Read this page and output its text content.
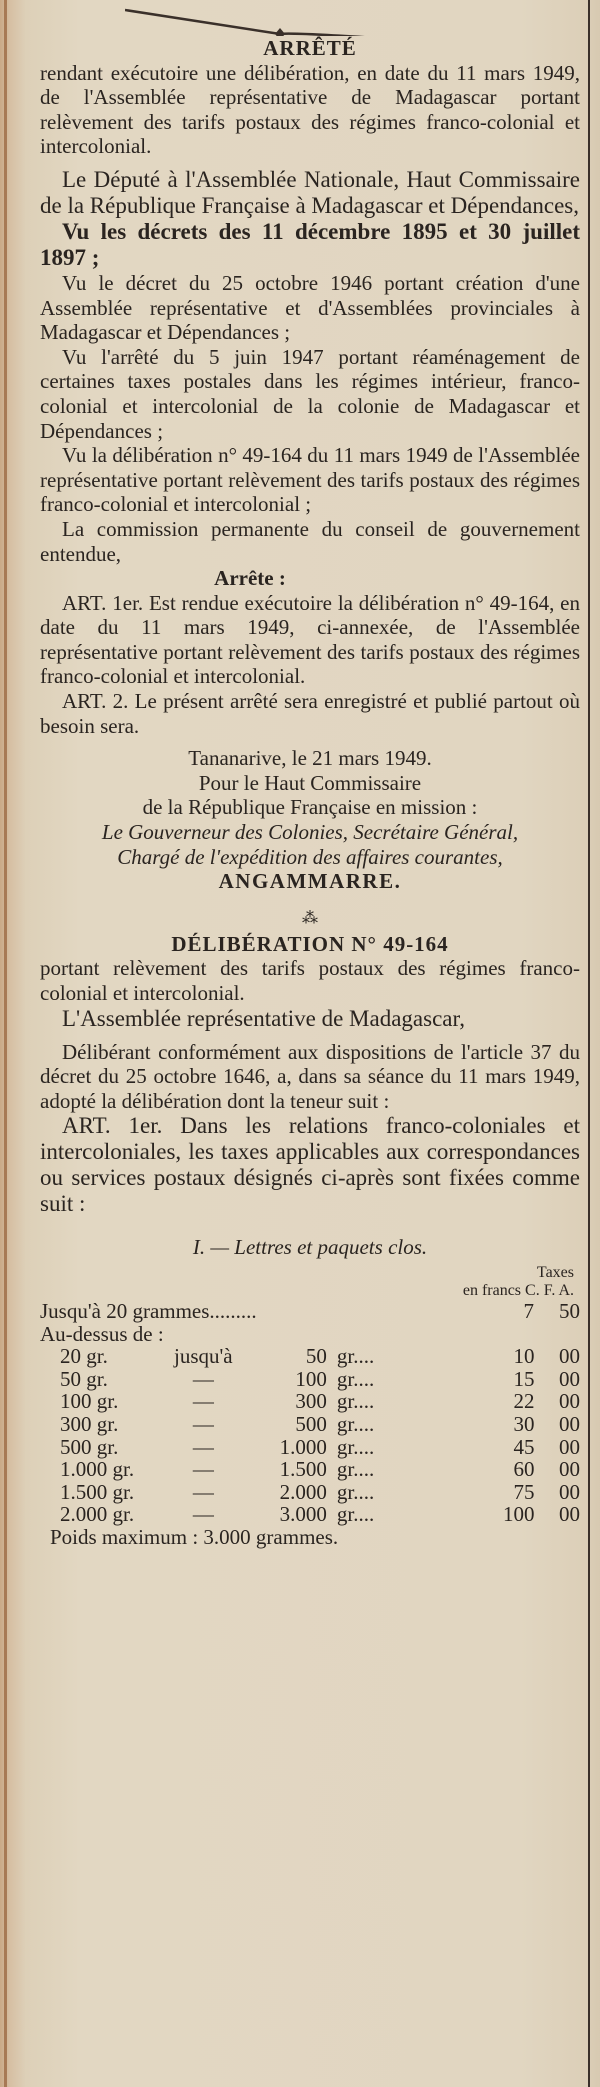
ARRÊTÉ

rendant exécutoire une délibération, en date du 11 mars 1949, de l'Assemblée représentative de Madagascar portant relèvement des tarifs postaux des régimes franco-colonial et intercolonial.

Le Député à l'Assemblée Nationale, Haut Commissaire de la République Française à Madagascar et Dépendances,

Vu les décrets des 11 décembre 1895 et 30 juillet 1897 ;

Vu le décret du 25 octobre 1946 portant création d'une Assemblée représentative et d'Assemblées provinciales à Madagascar et Dépendances ;

Vu l'arrêté du 5 juin 1947 portant réaménagement de certaines taxes postales dans les régimes intérieur, franco-colonial et intercolonial de la colonie de Madagascar et Dépendances ;

Vu la délibération n° 49-164 du 11 mars 1949 de l'Assemblée représentative portant relèvement des tarifs postaux des régimes franco-colonial et intercolonial ;

La commission permanente du conseil de gouvernement entendue,

Arrête :

ART. 1er. Est rendue exécutoire la délibération n° 49-164, en date du 11 mars 1949, ci-annexée, de l'Assemblée représentative portant relèvement des tarifs postaux des régimes franco-colonial et intercolonial.

ART. 2. Le présent arrêté sera enregistré et publié partout où besoin sera.

Tananarive, le 21 mars 1949.

Pour le Haut Commissaire

de la République Française en mission :

Le Gouverneur des Colonies, Secrétaire Général,

Chargé de l'expédition des affaires courantes,

ANGAMMARRE.

⁂

DÉLIBÉRATION N° 49-164

portant relèvement des tarifs postaux des régimes franco-colonial et intercolonial.

L'Assemblée représentative de Madagascar,

Délibérant conformément aux dispositions de l'article 37 du décret du 25 octobre 1646, a, dans sa séance du 11 mars 1949, adopté la délibération dont la teneur suit :

ART. 1er. Dans les relations franco-coloniales et intercoloniales, les taxes applicables aux correspondances ou services postaux désignés ci-après sont fixées comme suit :

I. — Lettres et paquets clos.

Taxes
en francs C. F. A.
Jusqu'à 20 grammes.........	7	50
Au-dessus de :
20 gr.	jusqu'à	50 gr....	10	00
50 gr.	—	100 gr....	15	00
100 gr.	—	300 gr....	22	00
300 gr.	—	500 gr....	30	00
500 gr.	—	1.000 gr....	45	00
1.000 gr.	—	1.500 gr....	60	00
1.500 gr.	—	2.000 gr....	75	00
2.000 gr.	—	3.000 gr....	100	00

Poids maximum : 3.000 grammes.
